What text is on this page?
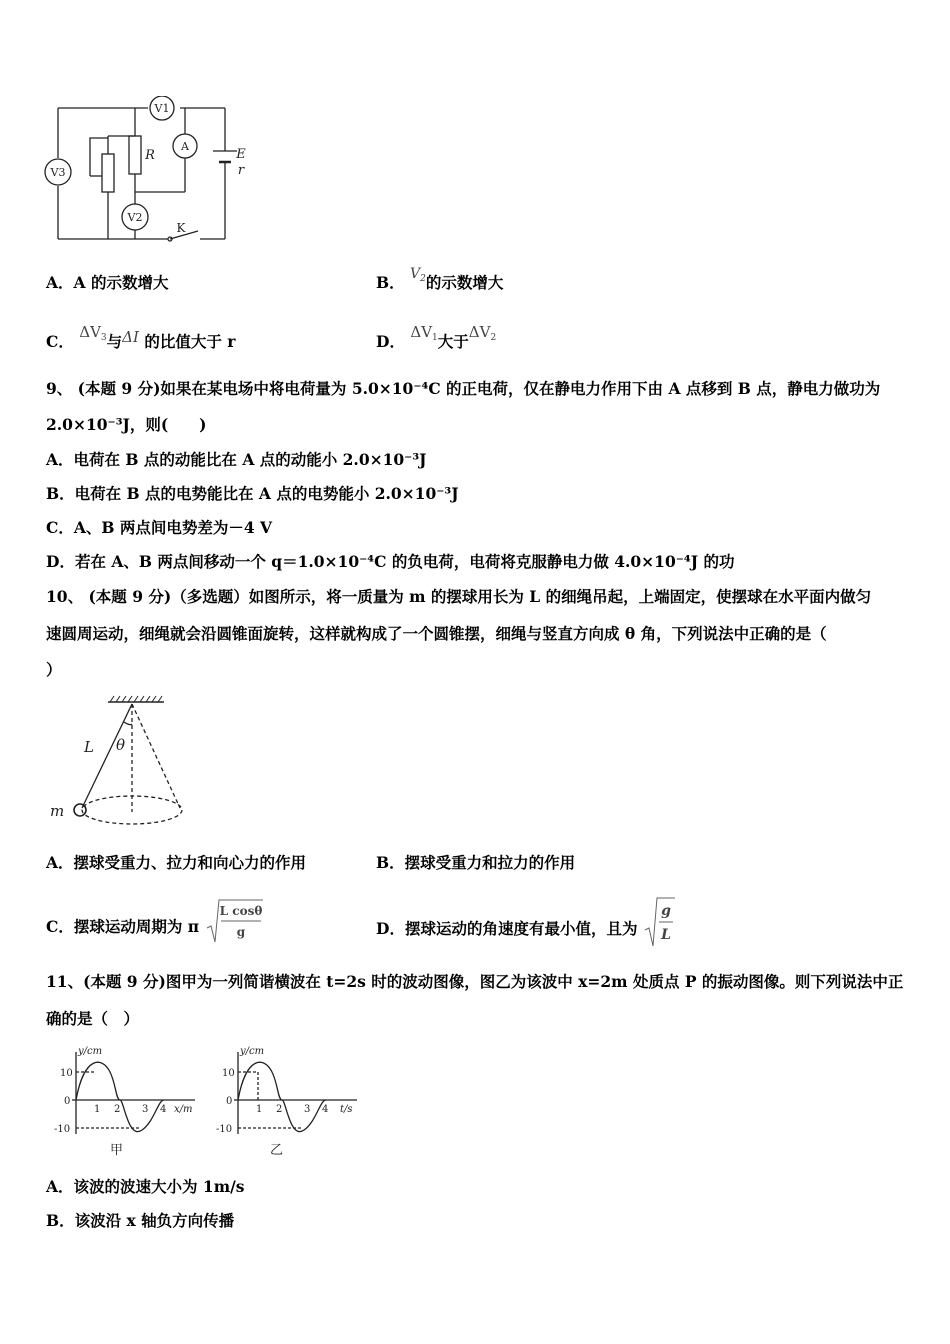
V1
V3
V2
A
R	E
r
K
A．A 的示数增大	B． $V_2$的示数增大
C． $\Delta V_3$与ΔI 的比值大于 r	D． $\Delta V_1$大于$\Delta V_2$
9、 (本题 9 分)如果在某电场中将电荷量为 5.0×10⁻⁴C 的正电荷，仅在静电力作用下由 A 点移到 B 点，静电力做功为
2.0×10⁻³J，则(　　)
A．电荷在 B 点的动能比在 A 点的动能小 2.0×10⁻³J
B．电荷在 B 点的电势能比在 A 点的电势能小 2.0×10⁻³J
C．A、B 两点间电势差为－4 V
D．若在 A、B 两点间移动一个 q＝1.0×10⁻⁴C 的负电荷，电荷将克服静电力做 4.0×10⁻⁴J 的功
10、 (本题 9 分)（多选题）如图所示，将一质量为 m 的摆球用长为 L 的细绳吊起，上端固定，使摆球在水平面内做匀
速圆周运动，细绳就会沿圆锥面旋转，这样就构成了一个圆锥摆，细绳与竖直方向成 θ 角，下列说法中正确的是（
）
L θ
m
A．摆球受重力、拉力和向心力的作用	B．摆球受重力和拉力的作用
C．摆球运动周期为 π
L cosθ
g	D．摆球运动的角速度有最小值，且为
g
L
11、(本题 9 分)图甲为一列简谐横波在 t=2s 时的波动图像，图乙为该波中 x=2m 处质点 P 的振动图像。则下列说法中正
确的是（　）
y/cm
x/m
10
0
-10
1 2 3 4
甲
y/cm
t/s
10
0
-10
1 2 3 4
乙
A．该波的波速大小为 1m/s
B．该波沿 x 轴负方向传播
